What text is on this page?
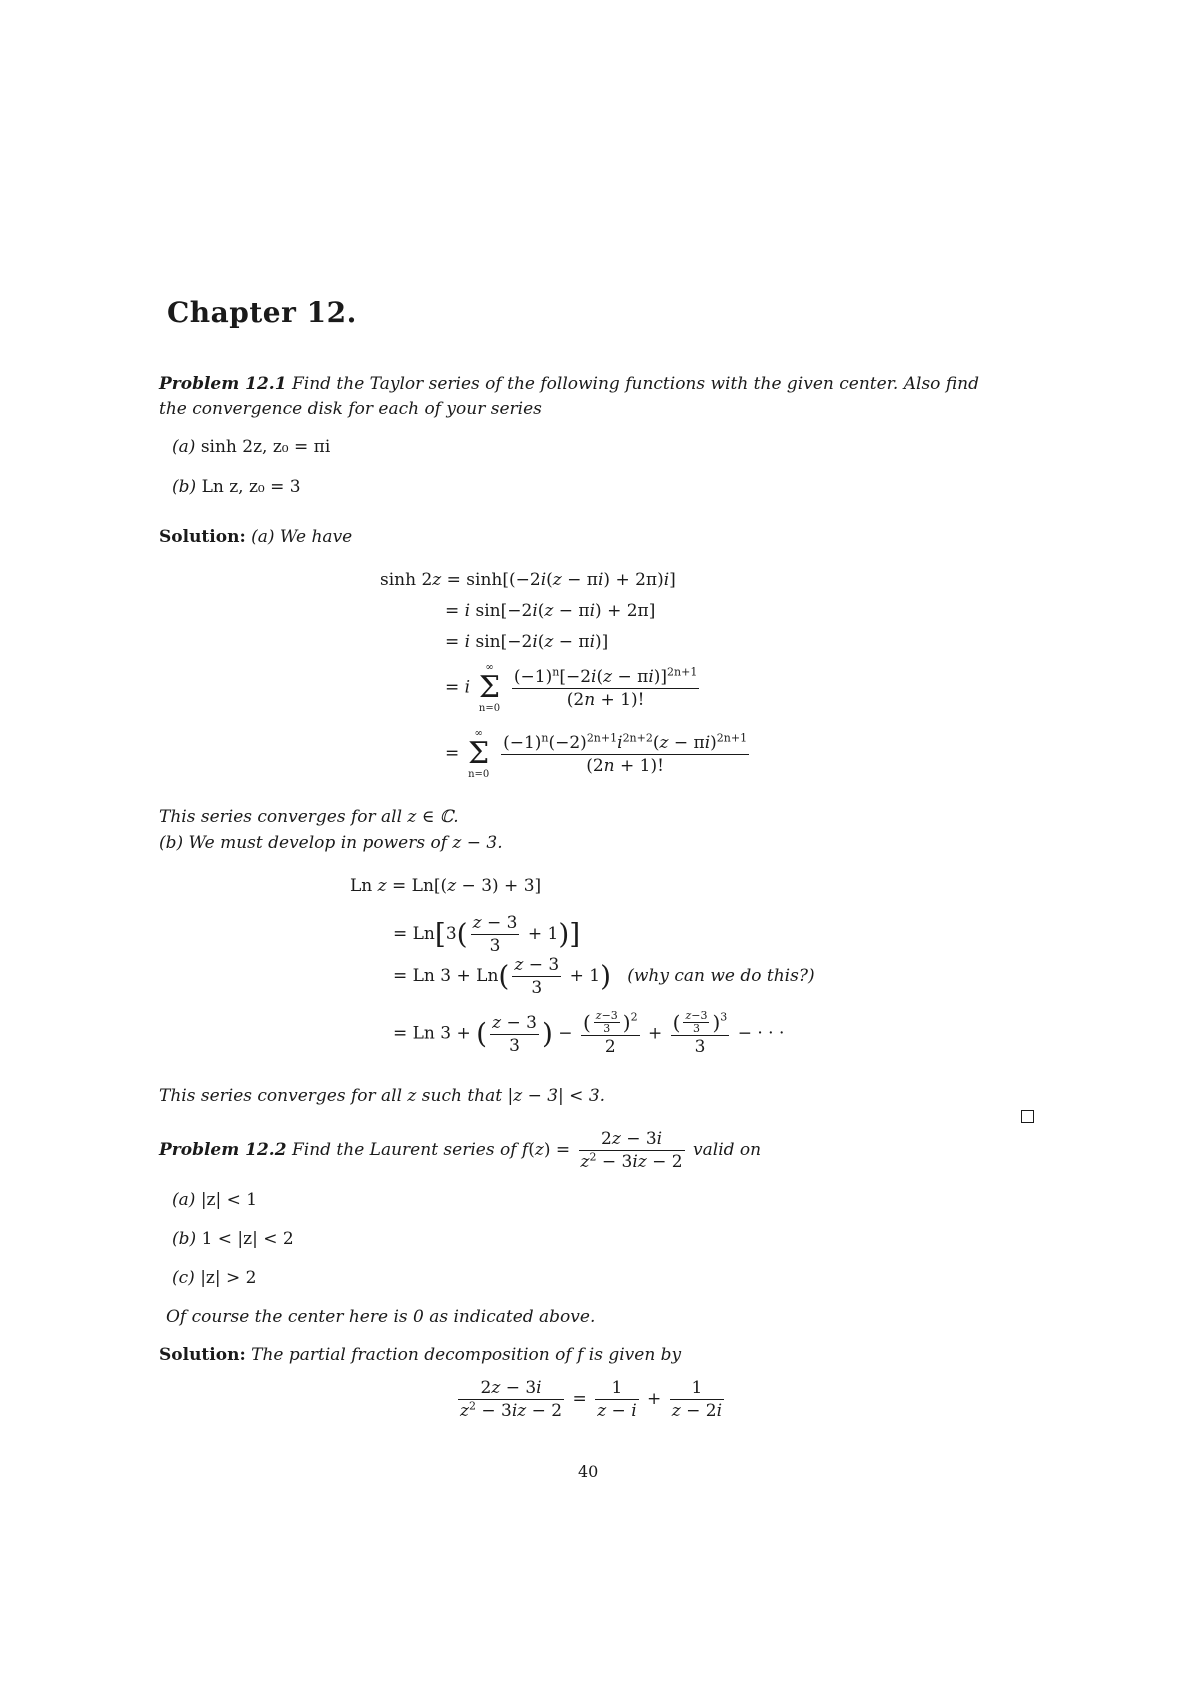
Chapter 12.
Problem 12.1 Find the Taylor series of the following functions with the given center. Also find
the convergence disk for each of your series
(a) sinh 2z, z₀ = πi
(b) Ln z, z₀ = 3
Solution: (a) We have
sinh 2z = sinh[(−2i(z − πi) + 2π)i]
= i sin[−2i(z − πi) + 2π]
= i sin[−2i(z − πi)]
= i
∞
Σ
n=0
$\frac{(-1)^n[-2i(z - \pi i)]^{2n+1}}{(2n + 1)!}$
=
∞
Σ
n=0
$\frac{(-1)^n(-2)^{2n+1}i^{2n+2}(z - \pi i)^{2n+1}}{(2n + 1)!}$
This series converges for all z ∈ ℂ.
(b) We must develop in powers of z − 3.
Ln z = Ln[(z − 3) + 3]
= $Ln[3( \frac{z - 3}{3} + 1)]$
= Ln $3 + Ln( \frac{z - 3}{3} + 1)$ (why can we do this?)
= Ln 3 + ( $\frac{z - 3}{3}$ ) − $\frac{( \frac{z-3}{3} )^2}{2} + \frac{( \frac{z-3}{3} )^3}{3}$ − · · ·
This series converges for all z such that |z − 3| < 3.
Problem 12.2 Find the Laurent series of $f(z) = \frac{2z - 3i}{z^2 - 3iz - 2}$ valid on
(a) |z| < 1
(b) 1 < |z| < 2
(c) |z| > 2
Of course the center here is 0 as indicated above.
Solution: The partial fraction decomposition of f is given by
$\frac{2z - 3i}{z^2 - 3iz - 2} = \frac{1}{z - i} + \frac{1}{z - 2i}$
40
